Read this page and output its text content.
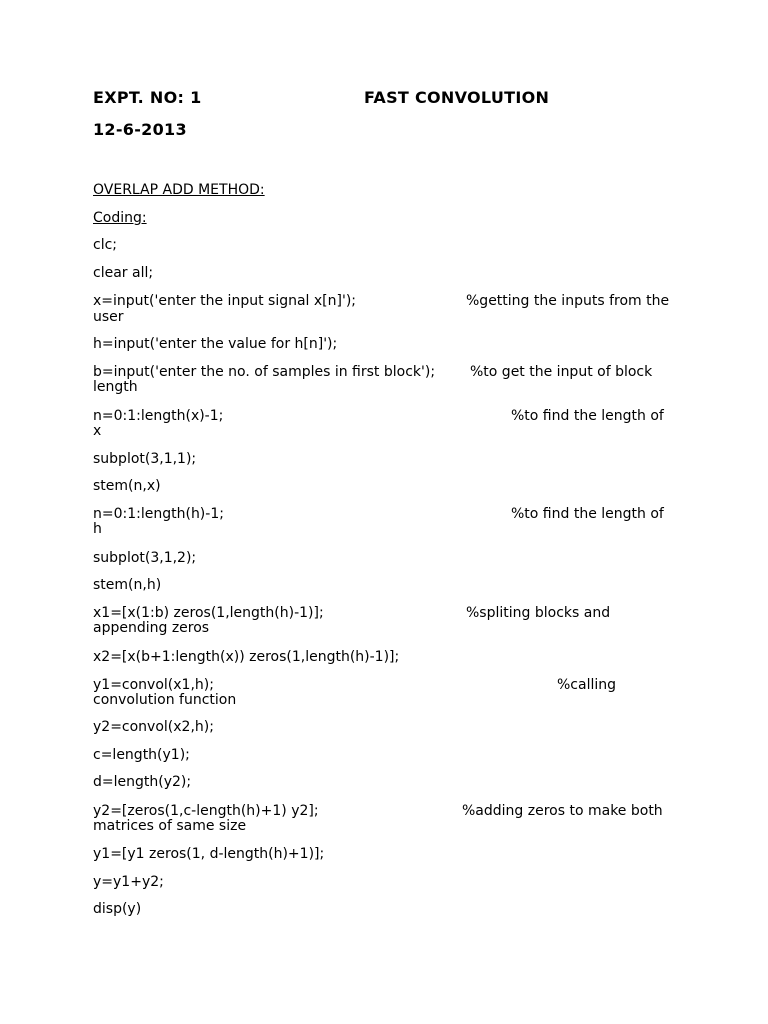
EXPT. NO: 1	FAST CONVOLUTION
12-6-2013
OVERLAP ADD METHOD:
Coding:
clc;
clear all;
x=input('enter the input signal x[n]');	%getting the inputs from the
user
h=input('enter the value for h[n]');
b=input('enter the no. of samples in first block'); %to get the input of block
length
n=0:1:length(x)-1;	%to find the length of
x
subplot(3,1,1);
stem(n,x)
n=0:1:length(h)-1;	%to find the length of
h
subplot(3,1,2);
stem(n,h)
x1=[x(1:b) zeros(1,length(h)-1)];	%spliting blocks and
appending zeros
x2=[x(b+1:length(x)) zeros(1,length(h)-1)];
y1=convol(x1,h);	%calling
convolution function
y2=convol(x2,h);
c=length(y1);
d=length(y2);
y2=[zeros(1,c-length(h)+1) y2];	%adding zeros to make both
matrices of same size
y1=[y1 zeros(1, d-length(h)+1)];
y=y1+y2;
disp(y)
